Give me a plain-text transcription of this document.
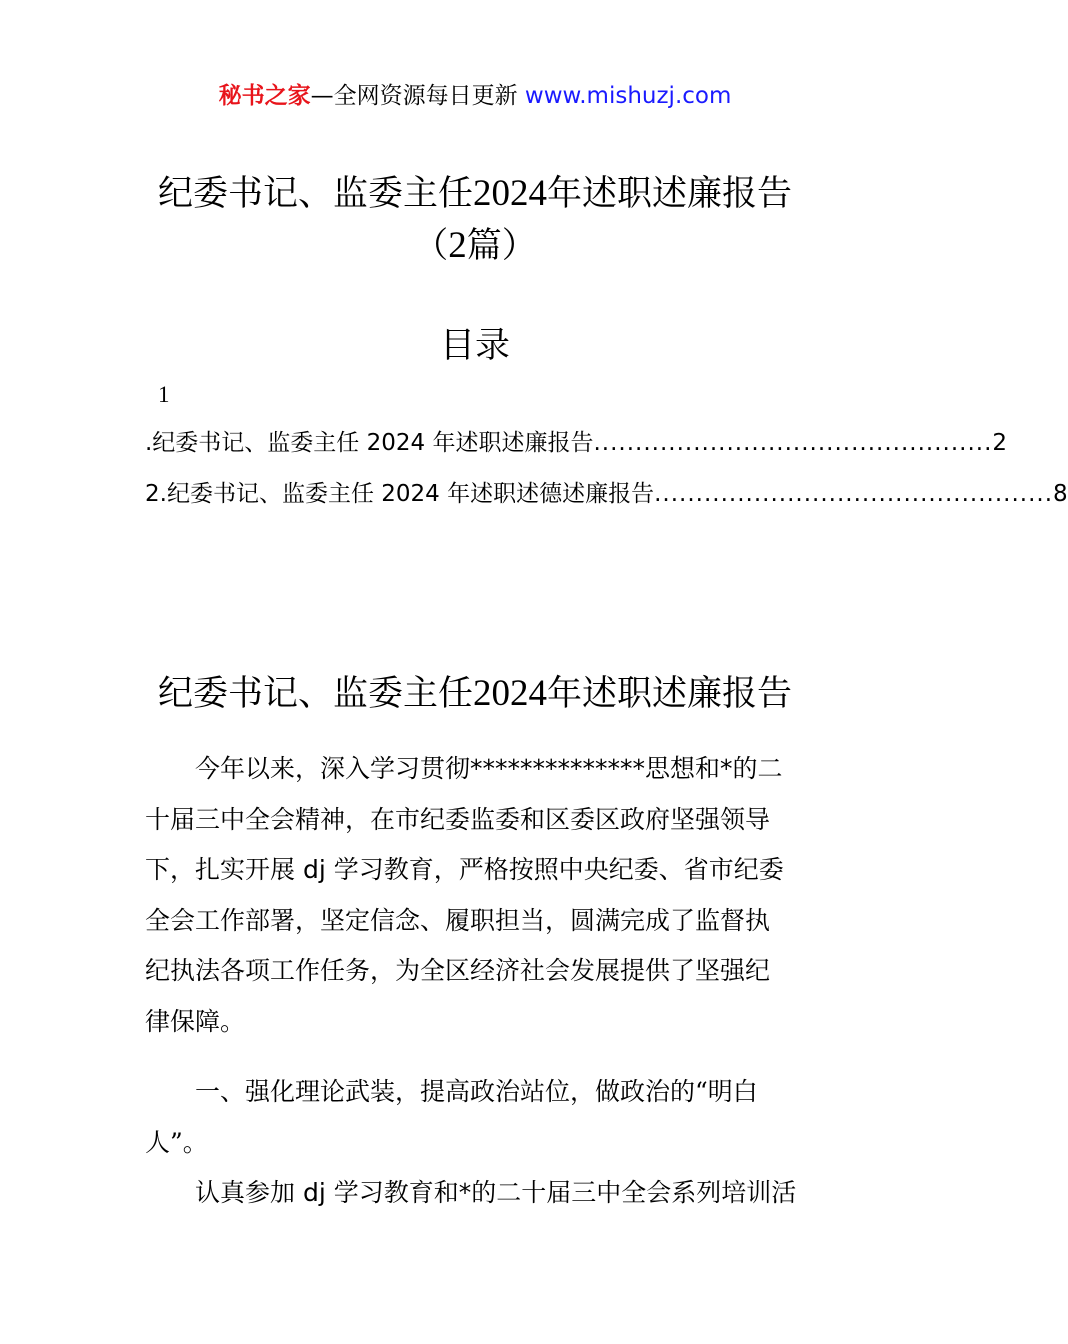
秘书之家—全网资源每日更新 www.mishuzj.com
纪委书记、监委主任2024年述职述廉报告
（2篇）
目录
1
.纪委书记、监委主任 2024 年述职述廉报告 ................................................ 2
2.纪委书记、监委主任 2024 年述职述德述廉报告 ................................................ 8
纪委书记、监委主任2024年述职述廉报告
今年以来，深入学习贯彻**************思想和*的二
十届三中全会精神，在市纪委监委和区委区政府坚强领导
下，扎实开展 dj 学习教育，严格按照中央纪委、省市纪委
全会工作部署，坚定信念、履职担当，圆满完成了监督执
纪执法各项工作任务，为全区经济社会发展提供了坚强纪
律保障。
一、强化理论武装，提高政治站位，做政治的“明白
人”。
认真参加 dj 学习教育和*的二十届三中全会系列培训活
